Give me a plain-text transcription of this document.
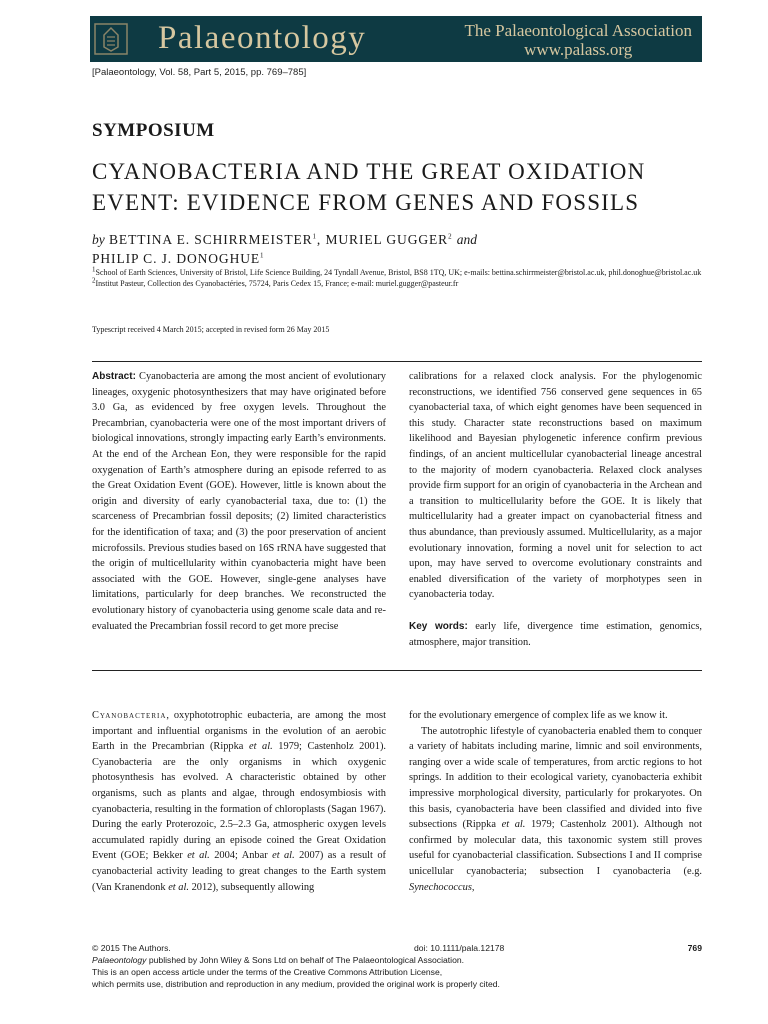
Palaeontology	The Palaeontological Association
www.palass.org
[Palaeontology, Vol. 58, Part 5, 2015, pp. 769–785]
SYMPOSIUM
CYANOBACTERIA AND THE GREAT OXIDATION
EVENT: EVIDENCE FROM GENES AND FOSSILS
by BETTINA E. SCHIRRMEISTER$^1$, MURIEL GUGGER$^2$ and
PHILIP C. J. DONOGHUE$^1$
$^1$School of Earth Sciences, University of Bristol, Life Science Building, 24 Tyndall Avenue, Bristol, BS8 1TQ, UK; e-mails: bettina.schirrmeister@bristol.ac.uk, phil.donoghue@bristol.ac.uk
$^2$Institut Pasteur, Collection des Cyanobactéries, 75724, Paris Cedex 15, France; e-mail: muriel.gugger@pasteur.fr
Typescript received 4 March 2015; accepted in revised form 26 May 2015
Abstract: Cyanobacteria are among the most ancient of evolutionary lineages, oxygenic photosynthesizers that may have originated before 3.0 Ga, as evidenced by free oxygen levels. Throughout the Precambrian, cyanobacteria were one of the most important drivers of biological innovations, strongly impacting early Earth’s environments. At the end of the Archean Eon, they were responsible for the rapid oxygenation of Earth’s atmosphere during an episode referred to as the Great Oxidation Event (GOE). However, little is known about the origin and diversity of early cyanobacterial taxa, due to: (1) the scarceness of Precambrian fossil deposits; (2) limited characteristics for the identification of taxa; and (3) the poor preservation of ancient microfossils. Previous studies based on 16S rRNA have suggested that the origin of multicellularity within cyanobacteria might have been associated with the GOE. However, single-gene analyses have limitations, particularly for deep branches. We reconstructed the evolutionary history of cyanobacteria using genome scale data and re-evaluated the Precambrian fossil record to get more precise
calibrations for a relaxed clock analysis. For the phylogenomic reconstructions, we identified 756 conserved gene sequences in 65 cyanobacterial taxa, of which eight genomes have been sequenced in this study. Character state reconstructions based on maximum likelihood and Bayesian phylogenetic inference confirm previous findings, of an ancient multicellular cyanobacterial lineage ancestral to the majority of modern cyanobacteria. Relaxed clock analyses provide firm support for an origin of cyanobacteria in the Archean and a transition to multicellularity before the GOE. It is likely that multicellularity had a greater impact on cyanobacterial fitness and thus abundance, than previously assumed. Multicellularity, as a major evolutionary innovation, forming a novel unit for selection to act upon, may have served to overcome evolutionary constraints and enabled diversification of the variety of morphotypes seen in cyanobacteria today.
Key words: early life, divergence time estimation, genomics, atmosphere, major transition.
Cyanobacteria, oxyphototrophic eubacteria, are among the most important and influential organisms in the evolution of an aerobic Earth in the Precambrian (Rippka et al. 1979; Castenholz 2001). Cyanobacteria are the only organisms in which oxygenic photosynthesis has evolved. A characteristic obtained by other organisms, such as plants and algae, through endosymbiosis with cyanobacteria, resulting in the formation of chloroplasts (Sagan 1967). During the early Proterozoic, 2.5–2.3 Ga, atmospheric oxygen levels accumulated rapidly during an episode coined the Great Oxidation Event (GOE; Bekker et al. 2004; Anbar et al. 2007) as a result of cyanobacterial activity leading to great changes to the Earth system (Van Kranendonk et al. 2012), subsequently allowing
for the evolutionary emergence of complex life as we know it.
The autotrophic lifestyle of cyanobacteria enabled them to conquer a variety of habitats including marine, limnic and soil environments, ranging over a wide scale of temperatures, from arctic regions to hot springs. In addition to their ecological variety, cyanobacteria exhibit impressive morphological diversity, particularly for prokaryotes. On this basis, cyanobacteria have been classified and divided into five subsections (Rippka et al. 1979; Castenholz 2001). Although not confirmed by molecular data, this taxonomic system still proves useful for cyanobacterial classification. Subsections I and II comprise unicellular cyanobacteria; subsection I cyanobacteria (e.g. Synechococcus,
© 2015 The Authors.	doi: 10.1111/pala.12178	769
Palaeontology published by John Wiley & Sons Ltd on behalf of The Palaeontological Association.
This is an open access article under the terms of the Creative Commons Attribution License,
which permits use, distribution and reproduction in any medium, provided the original work is properly cited.
